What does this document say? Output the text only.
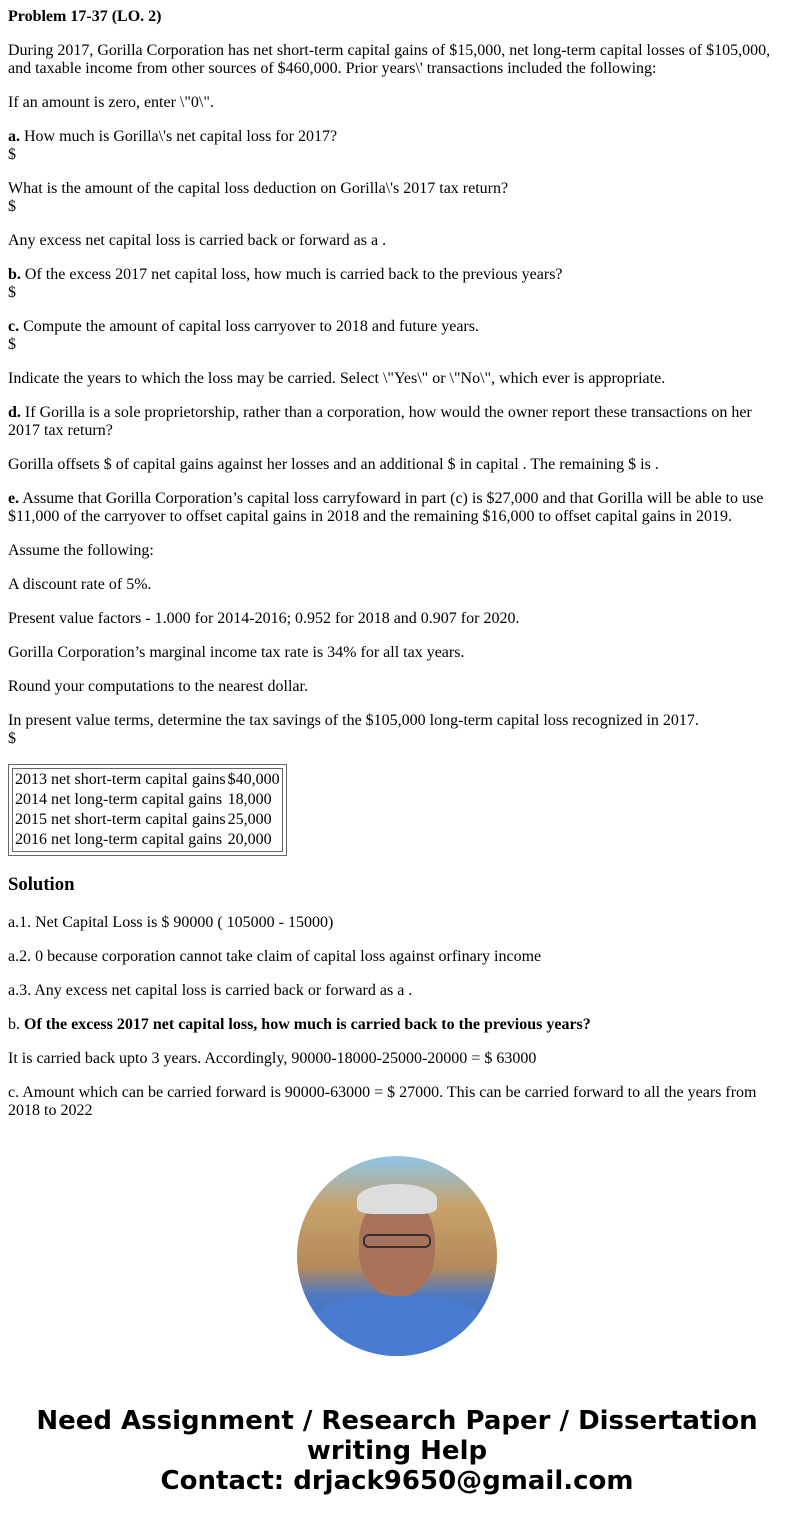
Problem 17-37 (LO. 2)

During 2017, Gorilla Corporation has net short-term capital gains of $15,000, net long-term capital losses of $105,000, and taxable income from other sources of $460,000. Prior years\' transactions included the following:

If an amount is zero, enter \"0\".

a. How much is Gorilla\'s net capital loss for 2017?
$

What is the amount of the capital loss deduction on Gorilla\'s 2017 tax return?
$

Any excess net capital loss is carried back or forward as a .

b. Of the excess 2017 net capital loss, how much is carried back to the previous years?
$

c. Compute the amount of capital loss carryover to 2018 and future years.
$

Indicate the years to which the loss may be carried. Select \"Yes\" or \"No\", which ever is appropriate.

d. If Gorilla is a sole proprietorship, rather than a corporation, how would the owner report these transactions on her 2017 tax return?

Gorilla offsets $ of capital gains against her losses and an additional $ in capital . The remaining $ is .

e. Assume that Gorilla Corporation’s capital loss carryfoward in part (c) is $27,000 and that Gorilla will be able to use $11,000 of the carryover to offset capital gains in 2018 and the remaining $16,000 to offset capital gains in 2019.

Assume the following:

A discount rate of 5%.

Present value factors - 1.000 for 2014-2016; 0.952 for 2018 and 0.907 for 2020.

Gorilla Corporation’s marginal income tax rate is 34% for all tax years.

Round your computations to the nearest dollar.

In present value terms, determine the tax savings of the $105,000 long-term capital loss recognized in 2017.
$

2013 net short-term capital gains	$40,000
2014 net long-term capital gains	18,000
2015 net short-term capital gains	25,000
2016 net long-term capital gains	20,000
Solution

a.1. Net Capital Loss is $ 90000 ( 105000 - 15000)

a.2. 0 because corporation cannot take claim of capital loss against orfinary income

a.3. Any excess net capital loss is carried back or forward as a .

b. Of the excess 2017 net capital loss, how much is carried back to the previous years?

It is carried back upto 3 years. Accordingly, 90000-18000-25000-20000 = $ 63000

c. Amount which can be carried forward is 90000-63000 = $ 27000. This can be carried forward to all the years from 2018 to 2022

Need Assignment / Research Paper / Dissertation writing Help
Contact: drjack9650@gmail.com
